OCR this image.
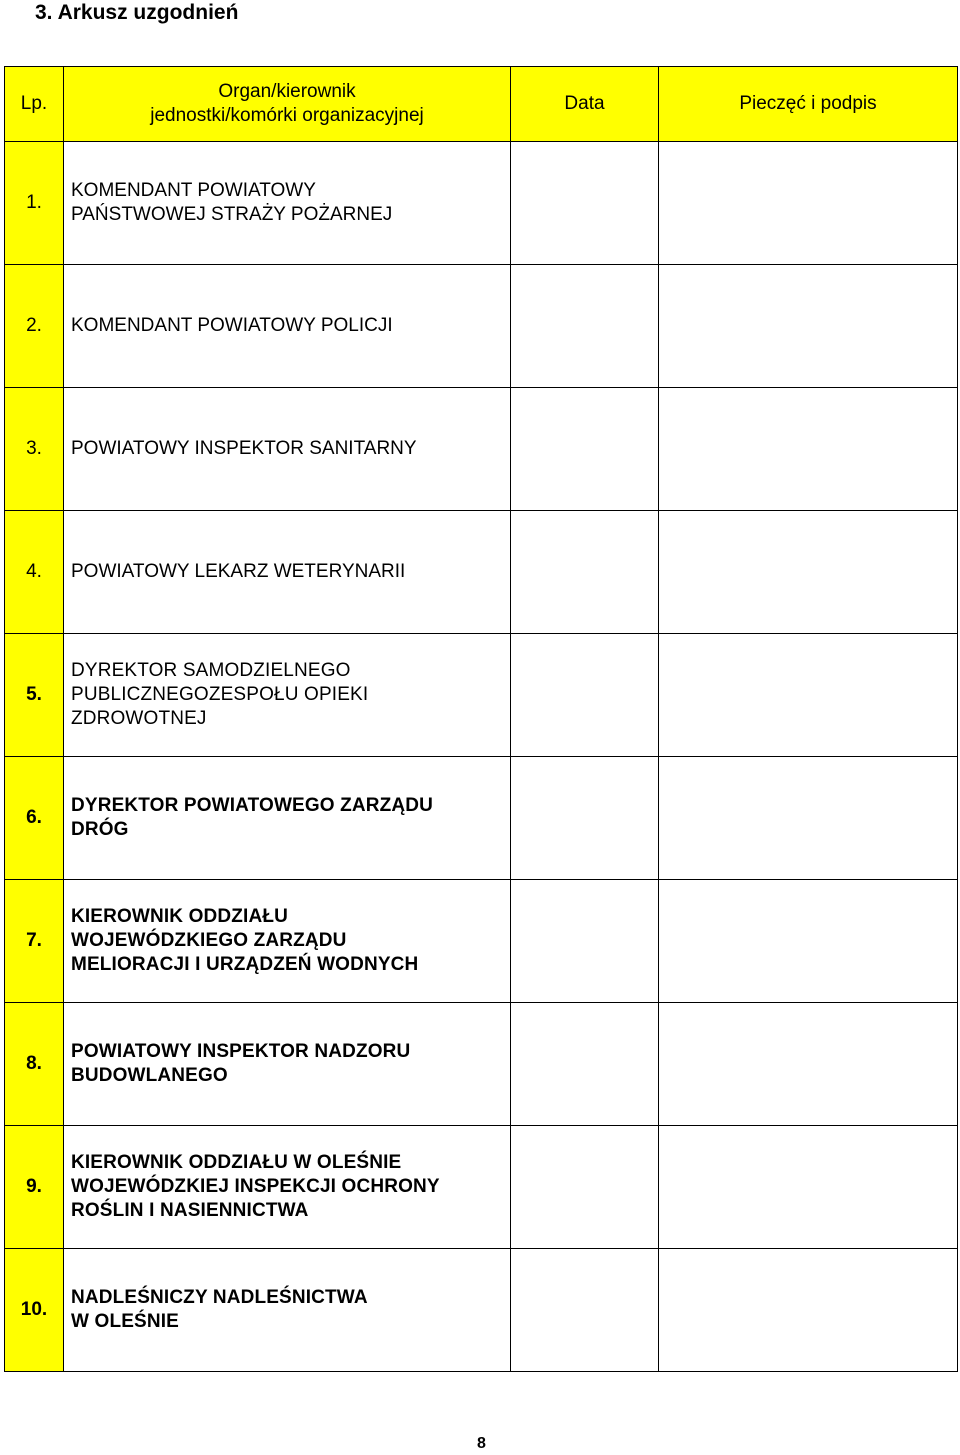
3. Arkusz uzgodnień
Lp.	Organ/kierownik
jednostki/komórki organizacyjnej	Data	Pieczęć i podpis
1.	KOMENDANT POWIATOWY
PAŃSTWOWEJ STRAŻY POŻARNEJ		
2.	KOMENDANT POWIATOWY POLICJI		
3.	POWIATOWY INSPEKTOR SANITARNY		
4.	POWIATOWY LEKARZ WETERYNARII		
5.	DYREKTOR SAMODZIELNEGO
PUBLICZNEGOZESPOŁU OPIEKI
ZDROWOTNEJ		
6.	DYREKTOR POWIATOWEGO ZARZĄDU
DRÓG		
7.	KIEROWNIK ODDZIAŁU
WOJEWÓDZKIEGO ZARZĄDU
MELIORACJI I URZĄDZEŃ WODNYCH		
8.	POWIATOWY INSPEKTOR NADZORU
BUDOWLANEGO		
9.	KIEROWNIK ODDZIAŁU W OLEŚNIE
WOJEWÓDZKIEJ INSPEKCJI OCHRONY
ROŚLIN I NASIENNICTWA		
10.	NADLEŚNICZY NADLEŚNICTWA
W OLEŚNIE		

8
